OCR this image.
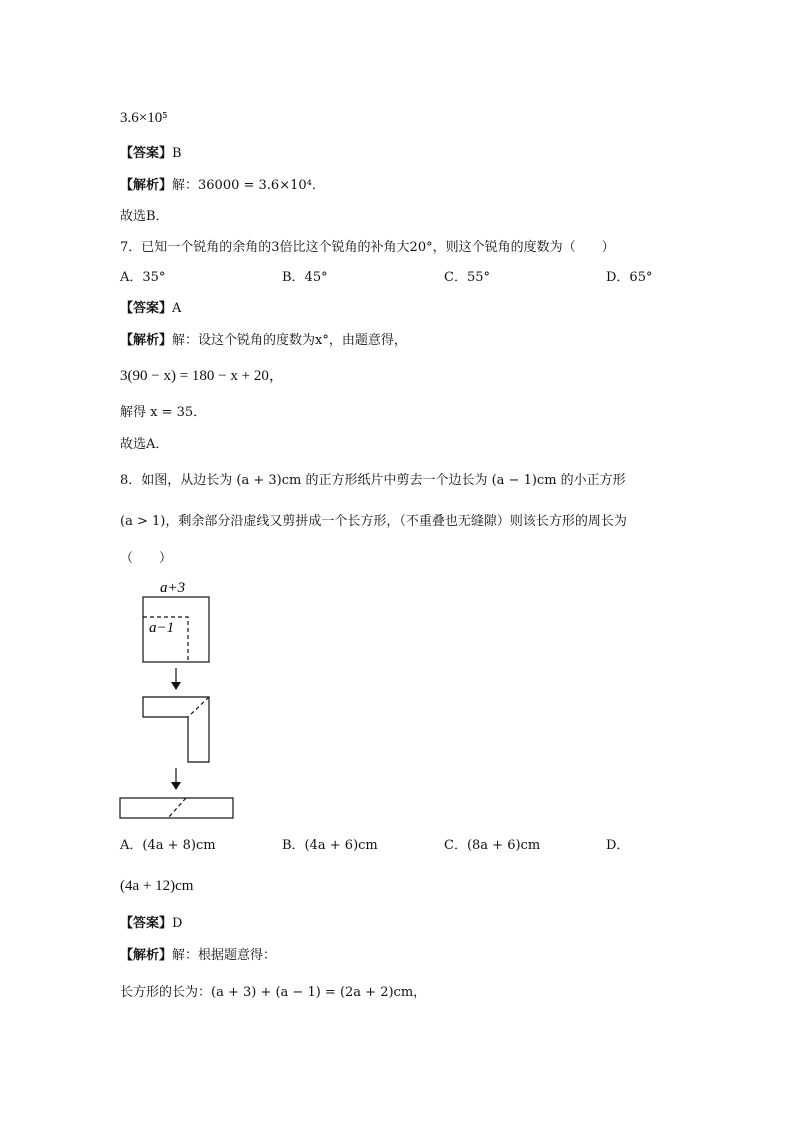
3.6×10⁵
【答案】B
【解析】解：36000 = 3.6×10⁴．
故选B．
7．已知一个锐角的余角的3倍比这个锐角的补角大20°，则这个锐角的度数为（　　）
A．35°	B．45°	C．55°	D．65°
【答案】A
【解析】解：设这个锐角的度数为x°，由题意得，
3(90 − x) = 180 − x + 20，
解得 x = 35．
故选A．
8．如图，从边长为 (a + 3)cm 的正方形纸片中剪去一个边长为 (a − 1)cm 的小正方形
(a > 1)，剩余部分沿虚线又剪拼成一个长方形，（不重叠也无缝隙）则该长方形的周长为
（　　）
a+3
a−1
A．(4a + 8)cm	B．(4a + 6)cm	C．(8a + 6)cm	D．
(4a + 12)cm
【答案】D
【解析】解：根据题意得：
长方形的长为：(a + 3) + (a − 1) = (2a + 2)cm，
